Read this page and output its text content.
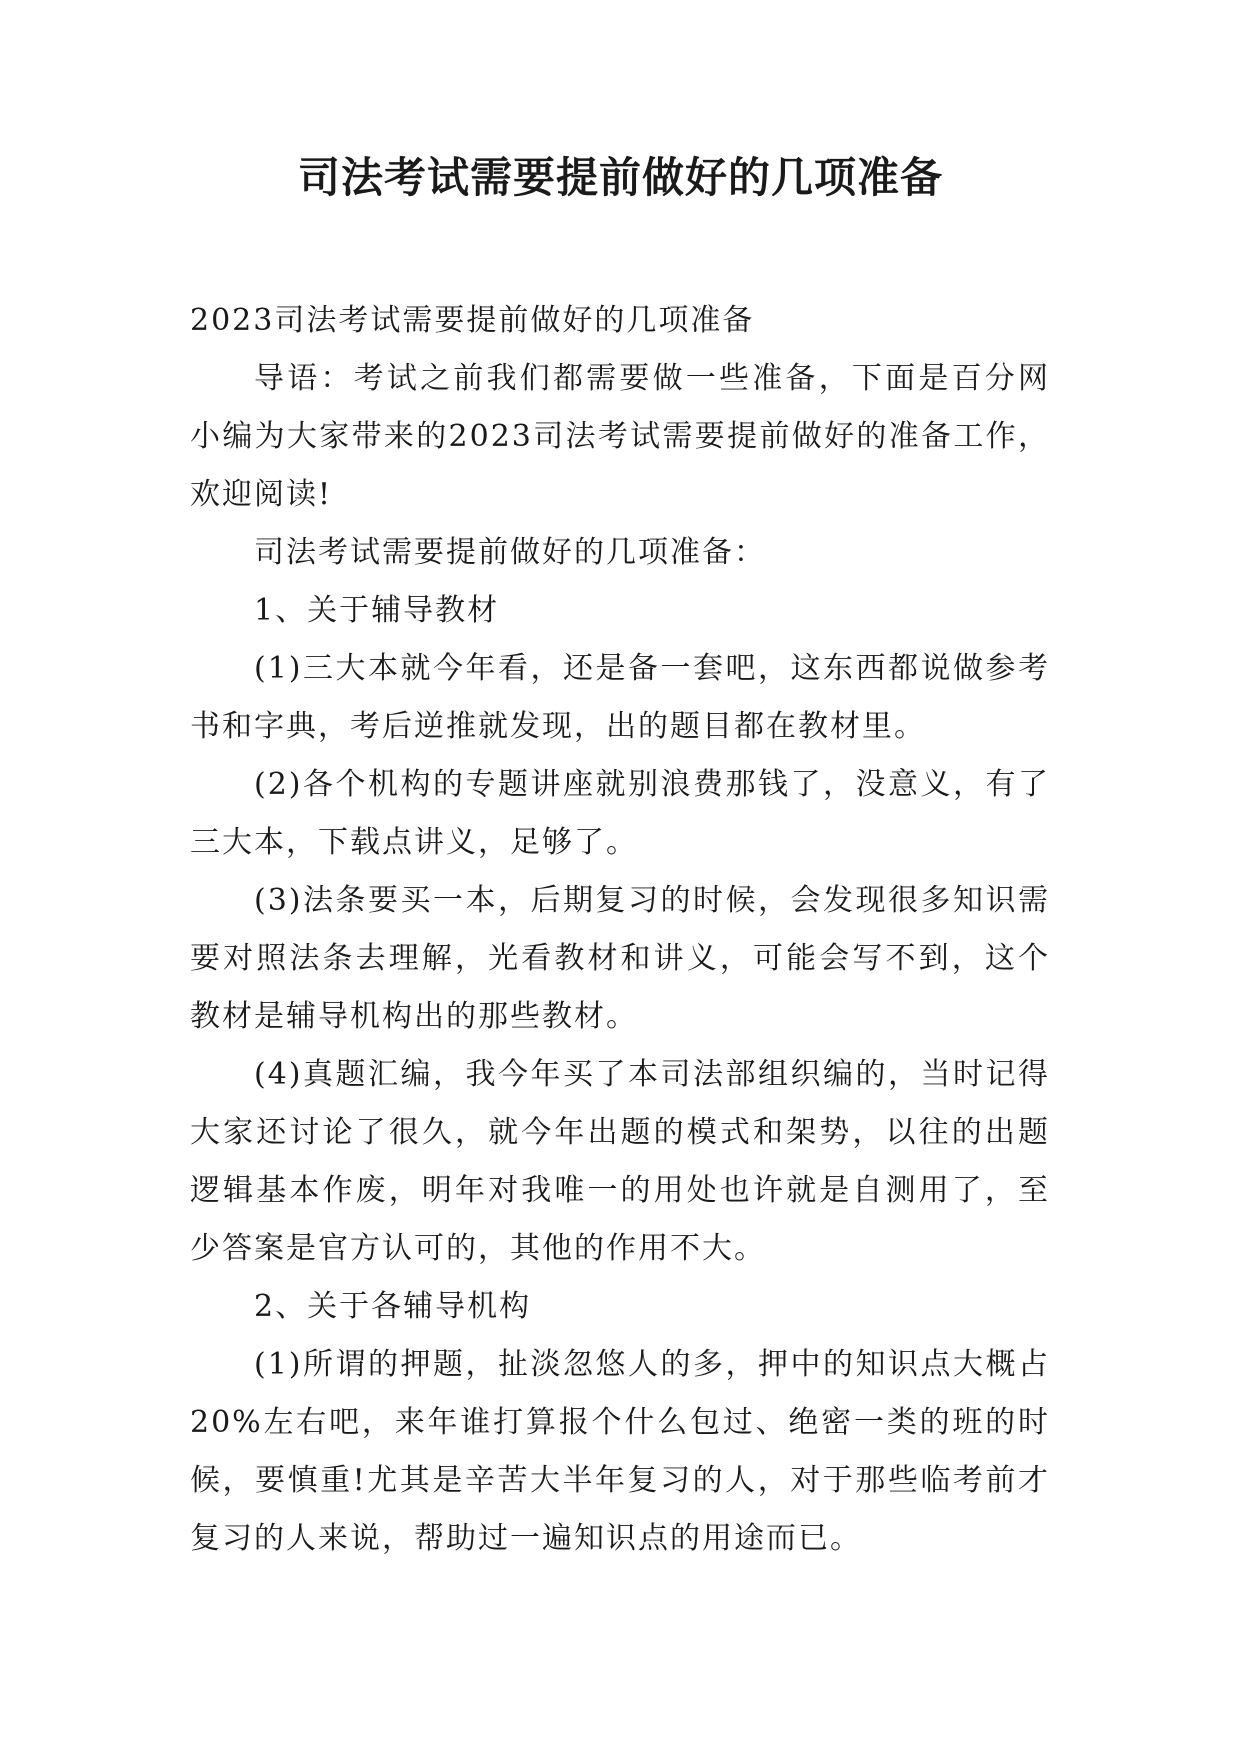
司法考试需要提前做好的几项准备

2023司法考试需要提前做好的几项准备

导语：考试之前我们都需要做一些准备，下面是百分网小编为大家带来的2023司法考试需要提前做好的准备工作，欢迎阅读!

司法考试需要提前做好的几项准备：

1、关于辅导教材

(1)三大本就今年看，还是备一套吧，这东西都说做参考书和字典，考后逆推就发现，出的题目都在教材里。

(2)各个机构的专题讲座就别浪费那钱了，没意义，有了三大本，下载点讲义，足够了。

(3)法条要买一本，后期复习的时候，会发现很多知识需要对照法条去理解，光看教材和讲义，可能会写不到，这个教材是辅导机构出的那些教材。

(4)真题汇编，我今年买了本司法部组织编的，当时记得大家还讨论了很久，就今年出题的模式和架势，以往的出题逻辑基本作废，明年对我唯一的用处也许就是自测用了，至少答案是官方认可的，其他的作用不大。

2、关于各辅导机构

(1)所谓的押题，扯淡忽悠人的多，押中的知识点大概占20%左右吧，来年谁打算报个什么包过、绝密一类的班的时候，要慎重!尤其是辛苦大半年复习的人，对于那些临考前才复习的人来说，帮助过一遍知识点的用途而已。
